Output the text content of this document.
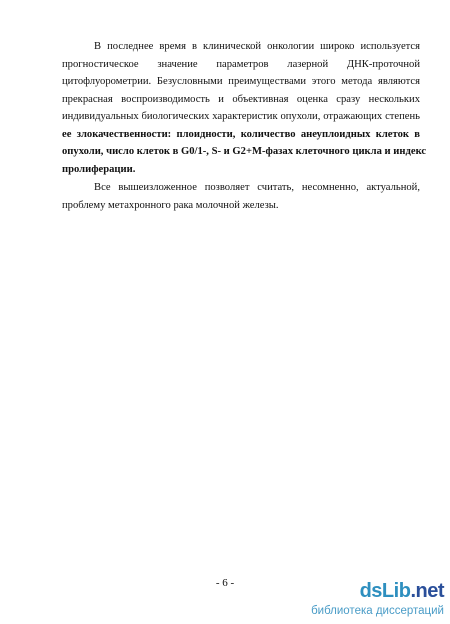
В последнее время в клинической онкологии широко используется
прогностическое значение параметров лазерной ДНК-проточной
цитофлуорометрии. Безусловными преимуществами этого метода являются
прекрасная воспроизводимость и объективная оценка сразу нескольких
индивидуальных биологических характеристик опухоли, отражающих степень
ее злокачественности: плоидности, количество анеуплоидных клеток в
опухоли, число клеток в G0/1-, S- и G2+M-фазах клеточного цикла и индекс
пролиферации.
Все вышеизложенное позволяет считать, несомненно, актуальной,
проблему метахронного рака молочной железы.
- 6 -	dsLib.net
библиотека диссертаций
